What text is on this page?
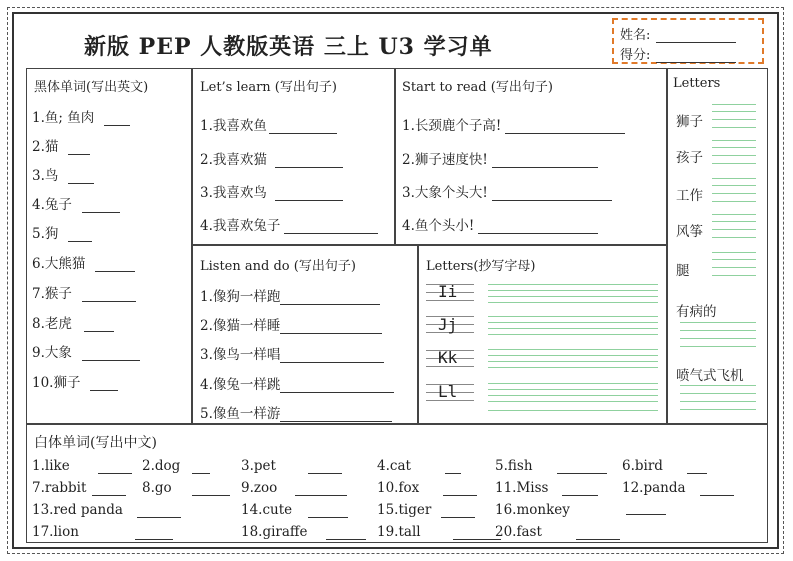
新版 PEP 人教版英语 三上 U3 学习单	姓名:
得分:
黑体单词(写出英文)
1.鱼; 鱼肉
2.猫
3.鸟
4.兔子
5.狗
6.大熊猫
7.猴子
8.老虎
9.大象
10.狮子
Let’s learn (写出句子)
1.我喜欢鱼
2.我喜欢猫
3.我喜欢鸟
4.我喜欢兔子
Start to read (写出句子)
1.长颈鹿个子高!
2.狮子速度快!
3.大象个头大!
4.鱼个头小!
Letters
狮子
孩子
工作
风筝
腿
有病的
喷气式飞机
Listen and do (写出句子)
1.像狗一样跑
2.像猫一样睡
3.像鸟一样唱
4.像兔一样跳
5.像鱼一样游
Letters(抄写字母)
Ii
Jj
Kk
Ll
白体单词(写出中文)
1.like	2.dog	3.pet	4.cat	5.fish	6.bird
7.rabbit	8.go	9.zoo	10.fox	11.Miss	12.panda
13.red panda	14.cute	15.tiger	16.monkey
17.lion	18.giraffe	19.tall	20.fast
